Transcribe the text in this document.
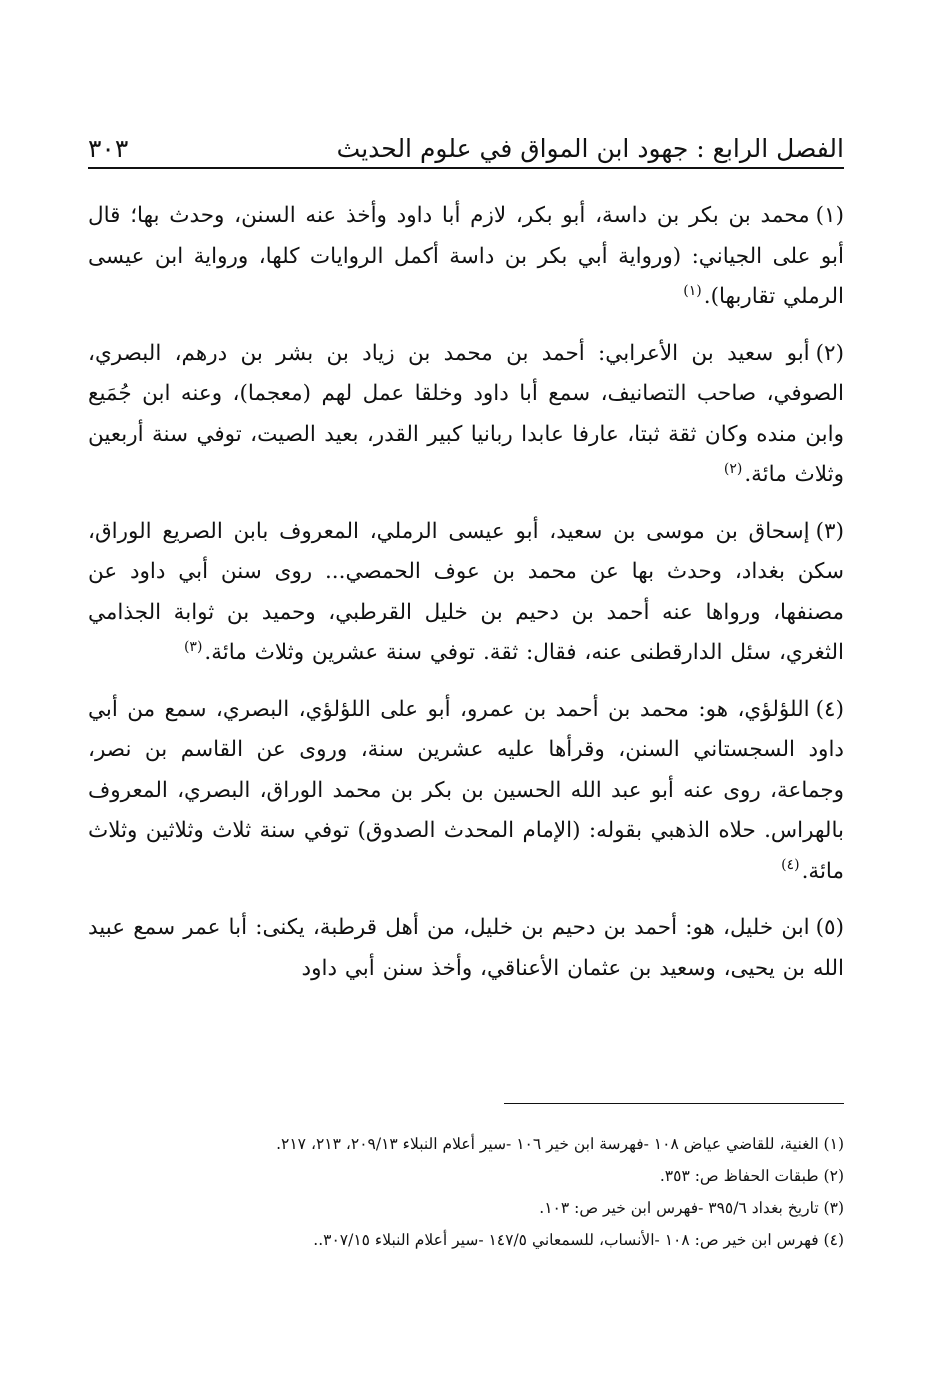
الفصل الرابع : جهود ابن المواق في علوم الحديث
٣٠٣

(١)محمد بن بكر بن داسة، أبو بكر، لازم أبا داود وأخذ عنه السنن، وحدث بها؛ قال أبو على الجياني: (ورواية أبي بكر بن داسة أكمل الروايات كلها، ورواية ابن عيسى الرملي تقاربها).$^{(١)}$

(٢)أبو سعيد بن الأعرابي: أحمد بن محمد بن زياد بن بشر بن درهم، البصري، الصوفي، صاحب التصانيف، سمع أبا داود وخلقا عمل لهم (معجما)، وعنه ابن جُمَيع وابن منده وكان ثقة ثبتا، عارفا عابدا ربانيا كبير القدر، بعيد الصيت، توفي سنة أربعين وثلاث مائة.$^{(٢)}$

(٣)إسحاق بن موسى بن سعيد، أبو عيسى الرملي، المعروف بابن الصريع الوراق، سكن بغداد، وحدث بها عن محمد بن عوف الحمصي... روى سنن أبي داود عن مصنفها، ورواها عنه أحمد بن دحيم بن خليل القرطبي، وحميد بن ثوابة الجذامي الثغري، سئل الدارقطنى عنه، فقال: ثقة. توفي سنة عشرين وثلاث مائة.$^{(٣)}$

(٤)اللؤلؤي، هو: محمد بن أحمد بن عمرو، أبو على اللؤلؤي، البصري، سمع من أبي داود السجستاني السنن، وقرأها عليه عشرين سنة، وروى عن القاسم بن نصر، وجماعة، روى عنه أبو عبد الله الحسين بن بكر بن محمد الوراق، البصري، المعروف بالهراس. حلاه الذهبي بقوله: (الإمام المحدث الصدوق) توفي سنة ثلاث وثلاثين وثلاث مائة.$^{(٤)}$

(٥)ابن خليل، هو: أحمد بن دحيم بن خليل، من أهل قرطبة، يكنى: أبا عمر سمع عبيد الله بن يحيى، وسعيد بن عثمان الأعناقي، وأخذ سنن أبي داود

(١) الغنية، للقاضي عياض ١٠٨ -فهرسة ابن خير ١٠٦ -سير أعلام النبلاء ٢٠٩/١٣، ٢١٣، ٢١٧.
(٢) طبقات الحفاظ ص: ٣٥٣.
(٣) تاريخ بغداد ٣٩٥/٦ -فهرس ابن خير ص: ١٠٣.
(٤) فهرس ابن خير ص: ١٠٨ -الأنساب، للسمعاني ١٤٧/٥ -سير أعلام النبلاء ٣٠٧/١٥..
